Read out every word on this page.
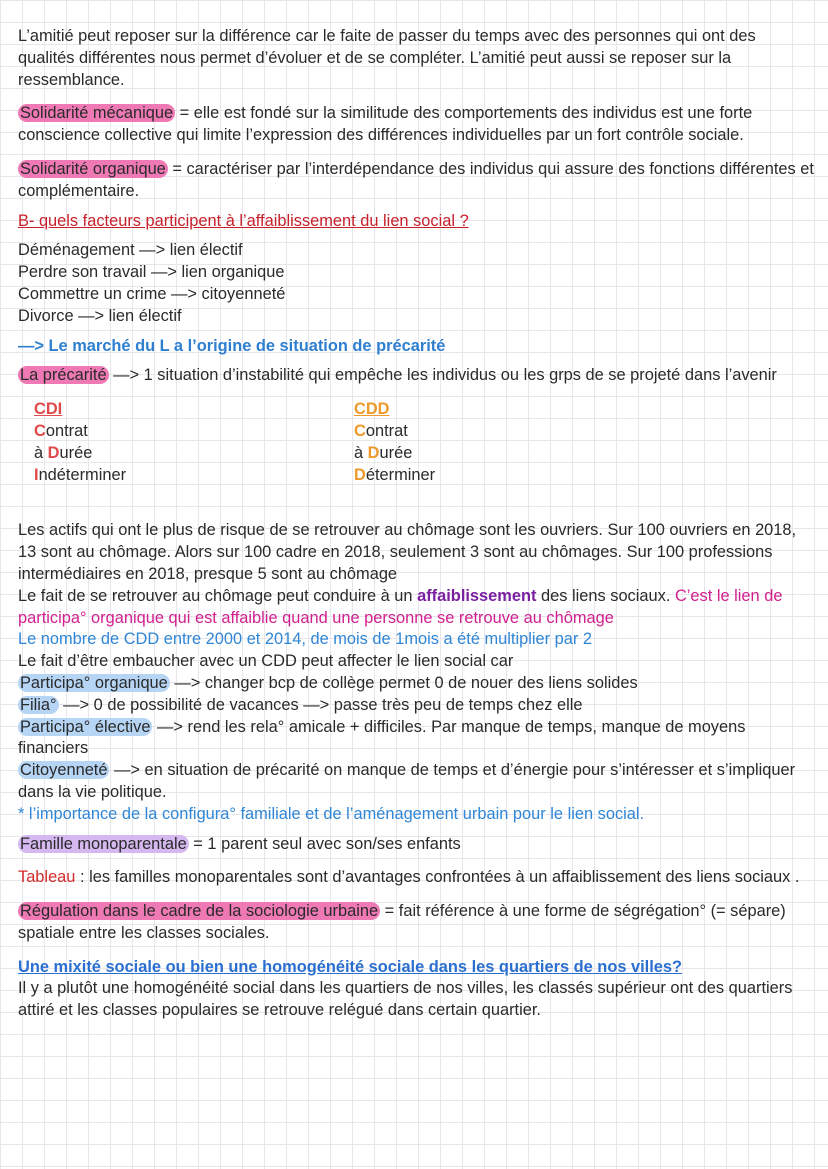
L’amitié peut reposer sur la différence car le faite de passer du temps avec des personnes qui ont des qualités différentes nous permet d’évoluer et de se compléter. L’amitié peut aussi se reposer sur la ressemblance.

Solidarité mécanique = elle est fondé sur la similitude des comportements des individus est une forte conscience collective qui limite l’expression des différences individuelles par un fort contrôle sociale.

Solidarité organique = caractériser par l’interdépendance des individus qui assure des fonctions différentes et complémentaire.

B- quels facteurs participent à l’affaiblissement du lien social ?

Déménagement —> lien électif

Perdre son travail —> lien organique

Commettre un crime —> citoyenneté

Divorce —> lien électif

—> Le marché du L a l’origine de situation de précarité

La précarité —> 1 situation d’instabilité qui empêche les individus ou les grps de se projeté dans l’avenir

CDI

Contrat

à Durée

Indéterminer

CDD

Contrat

à Durée

Déterminer

Les actifs qui ont le plus de risque de se retrouver au chômage sont les ouvriers. Sur 100 ouvriers en 2018, 13 sont au chômage. Alors sur 100 cadre en 2018, seulement 3 sont au chômages. Sur 100 professions intermédiaires en 2018, presque 5 sont au chômage

Le fait de se retrouver au chômage peut conduire à un affaiblissement des liens sociaux. C’est le lien de participa° organique qui est affaiblie quand une personne se retrouve au chômage

Le nombre de CDD entre 2000 et 2014, de mois de 1mois a été multiplier par 2

Le fait d’être embaucher avec un CDD peut affecter le lien social car

Participa° organique —> changer bcp de collège permet 0 de nouer des liens solides

Filia° —> 0 de possibilité de vacances —> passe très peu de temps chez elle

Participa° élective —> rend les rela° amicale + difficiles. Par manque de temps, manque de moyens financiers

Citoyenneté —> en situation de précarité on manque de temps et d’énergie pour s’intéresser et s’impliquer dans la vie politique.

* l’importance de la configura° familiale et de l’aménagement urbain pour le lien social.

Famille monoparentale = 1 parent seul avec son/ses enfants

Tableau : les familles monoparentales sont d’avantages confrontées à un affaiblissement des liens sociaux .

Régulation dans le cadre de la sociologie urbaine = fait référence à une forme de ségrégation° (= sépare) spatiale entre les classes sociales.

Une mixité sociale ou bien une homogénéité sociale dans les quartiers de nos villes?

Il y a plutôt une homogénéité social dans les quartiers de nos villes, les classés supérieur ont des quartiers attiré et les classes populaires se retrouve relégué dans certain quartier.
